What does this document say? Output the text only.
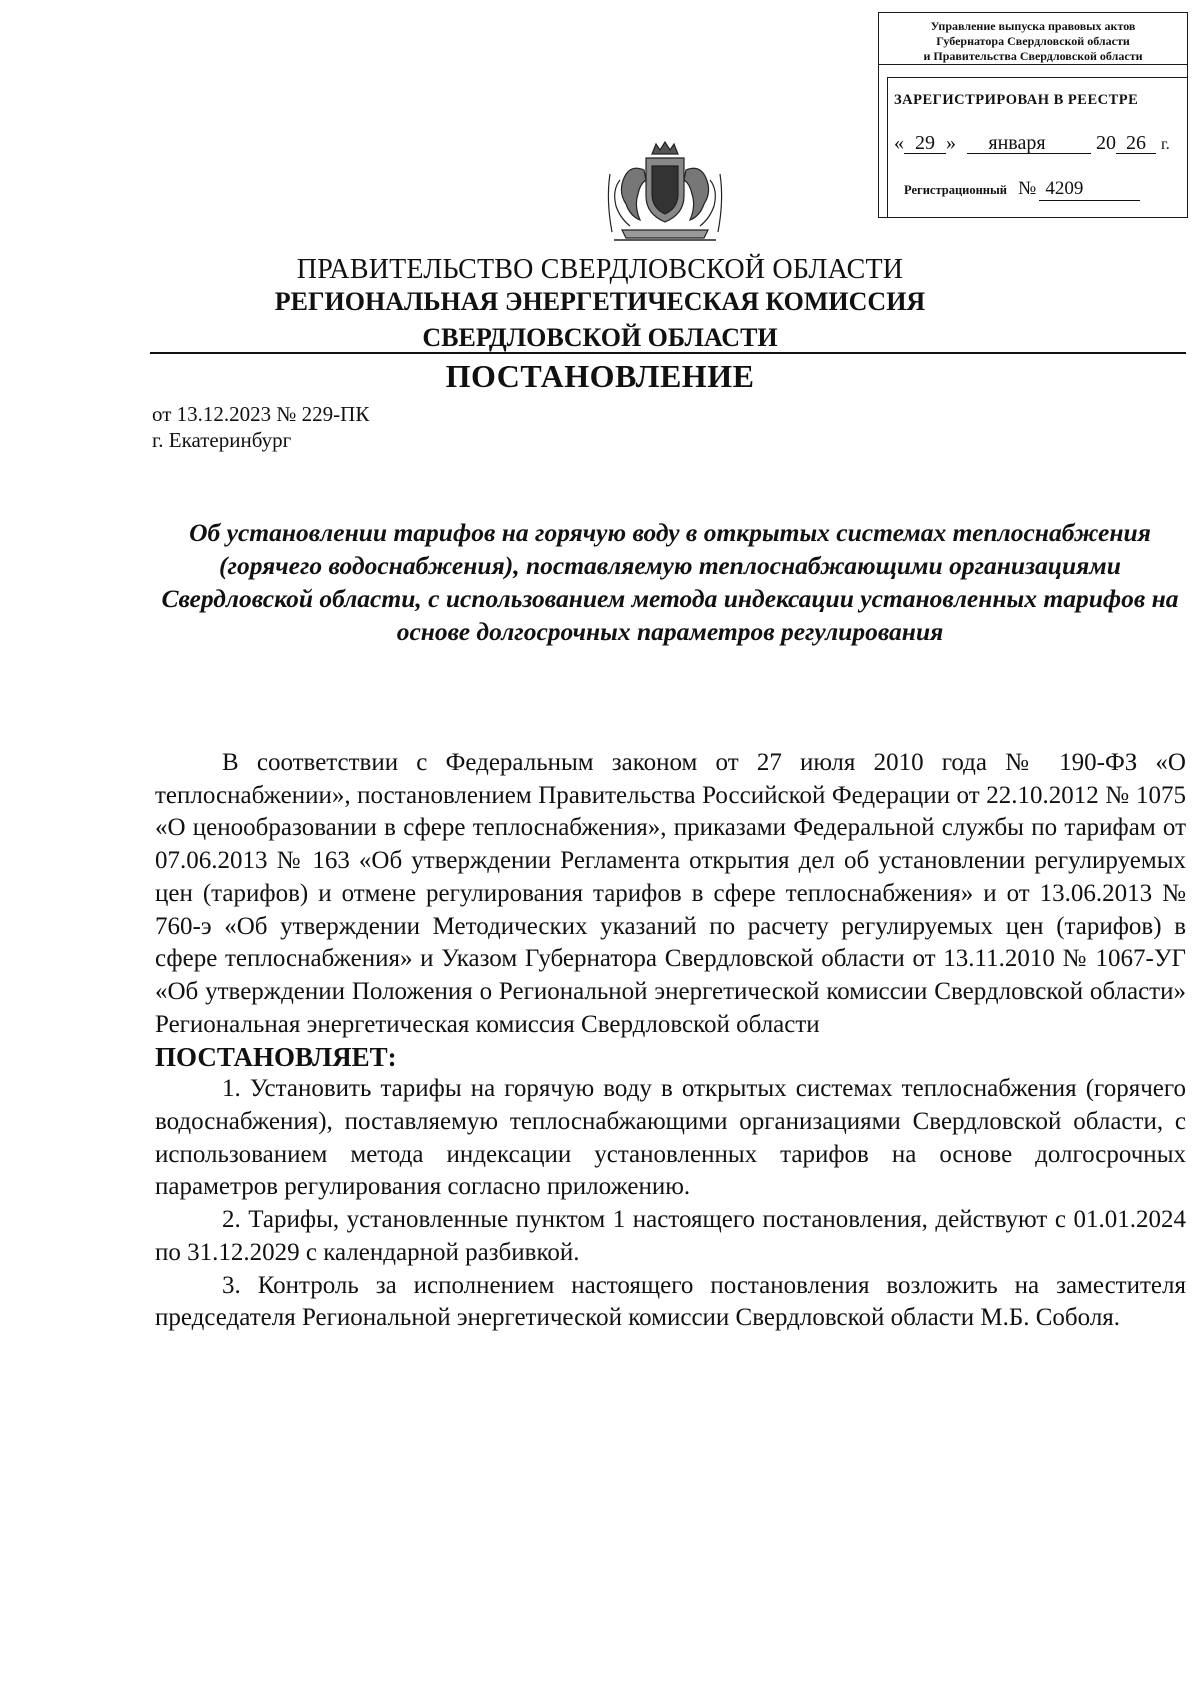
Управление выпуска правовых актов
Губернатора Свердловской области
и Правительства Свердловской области
ЗАРЕГИСТРИРОВАН В РЕЕСТРЕ
« 29 » января	20 26 г.
Регистрационный № 4209
ПРАВИТЕЛЬСТВО СВЕРДЛОВСКОЙ ОБЛАСТИ
РЕГИОНАЛЬНАЯ ЭНЕРГЕТИЧЕСКАЯ КОМИССИЯ
СВЕРДЛОВСКОЙ ОБЛАСТИ
ПОСТАНОВЛЕНИЕ
от 13.12.2023 № 229-ПК
г. Екатеринбург
Об установлении тарифов на горячую воду в открытых системах теплоснабжения (горячего водоснабжения), поставляемую теплоснабжающими организациями Свердловской области, с использованием метода индексации установленных тарифов на основе долгосрочных параметров регулирования

В соответствии с Федеральным законом от 27 июля 2010 года № 190-ФЗ «О теплоснабжении», постановлением Правительства Российской Федерации от 22.10.2012 № 1075 «О ценообразовании в сфере теплоснабжения», приказами Федеральной службы по тарифам от 07.06.2013 № 163 «Об утверждении Регламента открытия дел об установлении регулируемых цен (тарифов) и отмене регулирования тарифов в сфере теплоснабжения» и от 13.06.2013 № 760-э «Об утверждении Методических указаний по расчету регулируемых цен (тарифов) в сфере теплоснабжения» и Указом Губернатора Свердловской области от 13.11.2010 № 1067-УГ «Об утверждении Положения о Региональной энергетической комиссии Свердловской области» Региональная энергетическая комиссия Свердловской области

ПОСТАНОВЛЯЕТ:

1. Установить тарифы на горячую воду в открытых системах теплоснабжения (горячего водоснабжения), поставляемую теплоснабжающими организациями Свердловской области, с использованием метода индексации установленных тарифов на основе долгосрочных параметров регулирования согласно приложению.

2. Тарифы, установленные пунктом 1 настоящего постановления, действуют с 01.01.2024 по 31.12.2029 с календарной разбивкой.

3. Контроль за исполнением настоящего постановления возложить на заместителя председателя Региональной энергетической комиссии Свердловской области М.Б. Соболя.
